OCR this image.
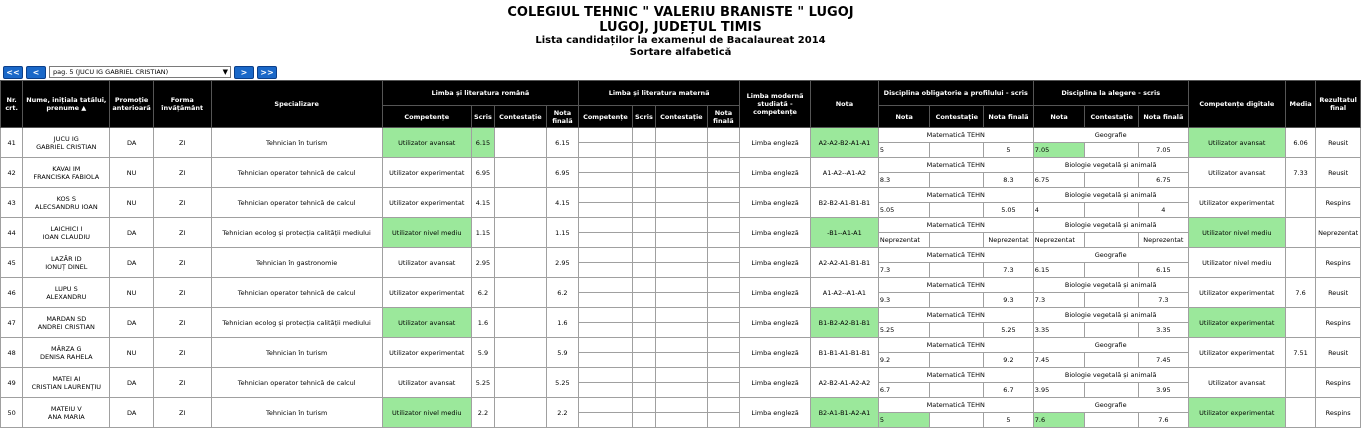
COLEGIUL TEHNIC " VALERIU BRANISTE " LUGOJ
LUGOJ, JUDEȚUL TIMIS
Lista candidaților la examenul de Bacalaureat 2014
Sortare alfabetică
<<	<	pag. 5 (JUCU IG GABRIEL CRISTIAN)	▼	>	>>
Nr. crt.	Nume, inițiala tatălui, prenume ▲	Promoție anterioară	Forma învățământ	Specializare	Limba și literatura română				Limba și literatura maternă				Limba modernă studiată - competențe	Nota	Disciplina obligatorie a profilului - scris			Disciplina la alegere - scris			Competențe digitale	Media	Rezultatul final
					Competențe	Scris	Contestație	Nota finală	Competențe	Scris	Contestație	Nota finală			Nota	Contestație	Nota finală	Nota	Contestație	Nota finală			
41	JUCU IG
GABRIEL CRISTIAN	DA	ZI	Tehnician în turism	Utilizator avansat	6.15		6.15					Limba engleză	A2-A2-B2-A1-A1	Matematică TEHN			Geografie			Utilizator avansat	6.06	Reusit
															5		5	7.05		7.05			
42	KAVAI IM
FRANCISKA FABIOLA	NU	ZI	Tehnician operator tehnică de calcul	Utilizator experimentat	6.95		6.95					Limba engleză	A1-A2--A1-A2	Matematică TEHN			Biologie vegetală și animală			Utilizator avansat	7.33	Reusit
															8.3		8.3	6.75		6.75			
43	KOS S
ALECSANDRU IOAN	NU	ZI	Tehnician operator tehnică de calcul	Utilizator experimentat	4.15		4.15					Limba engleză	B2-B2-A1-B1-B1	Matematică TEHN			Biologie vegetală și animală			Utilizator experimentat		Respins
															5.05		5.05	4		4			
44	LAICHICI I
IOAN CLAUDIU	DA	ZI	Tehnician ecolog și protecția calității mediului	Utilizator nivel mediu	1.15		1.15					Limba engleză	-B1--A1-A1	Matematică TEHN			Biologie vegetală și animală			Utilizator nivel mediu		Neprezentat
															Neprezentat		Neprezentat	Neprezentat		Neprezentat			
45	LAZĂR ID
IONUȚ DINEL	DA	ZI	Tehnician în gastronomie	Utilizator avansat	2.95		2.95					Limba engleză	A2-A2-A1-B1-B1	Matematică TEHN			Geografie			Utilizator nivel mediu		Respins
															7.3		7.3	6.15		6.15			
46	LUPU S
ALEXANDRU	NU	ZI	Tehnician operator tehnică de calcul	Utilizator experimentat	6.2		6.2					Limba engleză	A1-A2--A1-A1	Matematică TEHN			Biologie vegetală și animală			Utilizator experimentat	7.6	Reusit
															9.3		9.3	7.3		7.3			
47	MARDAN SD
ANDREI CRISTIAN	DA	ZI	Tehnician ecolog și protecția calității mediului	Utilizator avansat	1.6		1.6					Limba engleză	B1-B2-A2-B1-B1	Matematică TEHN			Biologie vegetală și animală			Utilizator experimentat		Respins
															5.25		5.25	3.35		3.35			
48	MÂRZA G
DENISA RAHELA	NU	ZI	Tehnician în turism	Utilizator experimentat	5.9		5.9					Limba engleză	B1-B1-A1-B1-B1	Matematică TEHN			Geografie			Utilizator experimentat	7.51	Reusit
															9.2		9.2	7.45		7.45			
49	MATEI AI
CRISTIAN LAURENȚIU	DA	ZI	Tehnician operator tehnică de calcul	Utilizator avansat	5.25		5.25					Limba engleză	A2-B2-A1-A2-A2	Matematică TEHN			Biologie vegetală și animală			Utilizator avansat		Respins
															6.7		6.7	3.95		3.95			
50	MATEIU V
ANA MARIA	DA	ZI	Tehnician în turism	Utilizator nivel mediu	2.2		2.2					Limba engleză	B2-A1-B1-A2-A1	Matematică TEHN			Geografie			Utilizator experimentat		Respins
															5		5	7.6		7.6			
